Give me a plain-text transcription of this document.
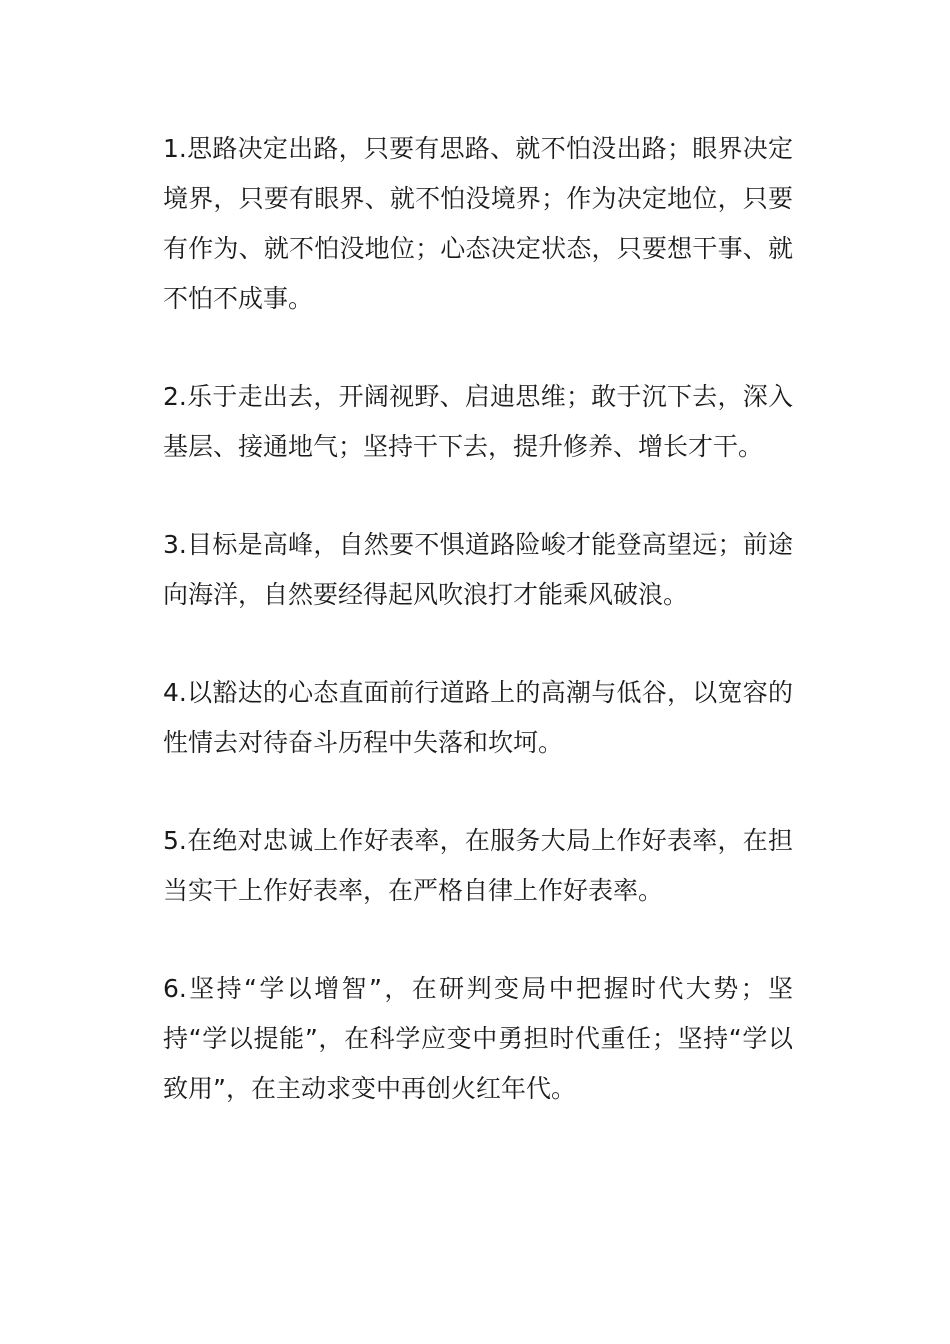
1.思路决定出路，只要有思路、就不怕没出路；眼界决定境界，只要有眼界、就不怕没境界；作为决定地位，只要有作为、就不怕没地位；心态决定状态，只要想干事、就不怕不成事。

2.乐于走出去，开阔视野、启迪思维；敢于沉下去，深入基层、接通地气；坚持干下去，提升修养、增长才干。

3.目标是高峰，自然要不惧道路险峻才能登高望远；前途向海洋，自然要经得起风吹浪打才能乘风破浪。

4.以豁达的心态直面前行道路上的高潮与低谷，以宽容的性情去对待奋斗历程中失落和坎坷。

5.在绝对忠诚上作好表率，在服务大局上作好表率，在担当实干上作好表率，在严格自律上作好表率。

6.坚持“学以增智”，在研判变局中把握时代大势；坚持“学以提能”，在科学应变中勇担时代重任；坚持“学以致用”，在主动求变中再创火红年代。
